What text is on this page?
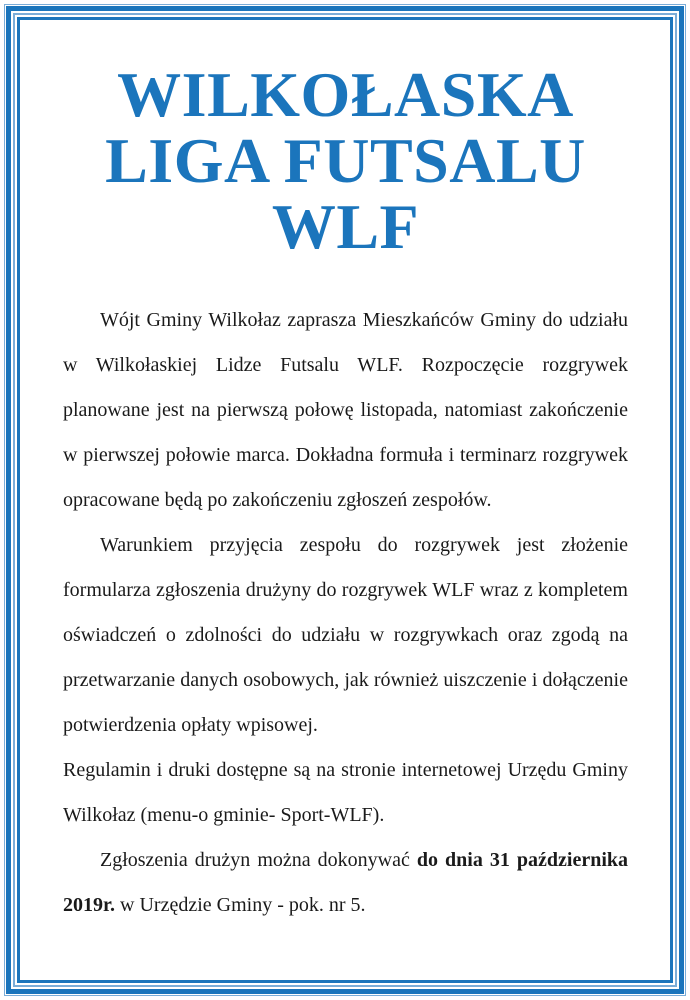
WILKOŁASKA
LIGA FUTSALU
WLF

Wójt Gminy Wilkołaz zaprasza Mieszkańców Gminy do udziału w Wilkołaskiej Lidze Futsalu WLF. Rozpoczęcie rozgrywek planowane jest na pierwszą połowę listopada, natomiast zakończenie w pierwszej połowie marca. Dokładna formuła i terminarz rozgrywek opracowane będą po zakończeniu zgłoszeń zespołów.

Warunkiem przyjęcia zespołu do rozgrywek jest złożenie formularza zgłoszenia drużyny do rozgrywek WLF wraz z kompletem oświadczeń o zdolności do udziału w rozgrywkach oraz zgodą na przetwarzanie danych osobowych, jak również uiszczenie i dołączenie potwierdzenia opłaty wpisowej.

Regulamin i druki dostępne są na stronie internetowej Urzędu Gminy Wilkołaz (menu-o gminie- Sport-WLF).

Zgłoszenia drużyn można dokonywać do dnia 31 października 2019r. w Urzędzie Gminy - pok. nr 5.
